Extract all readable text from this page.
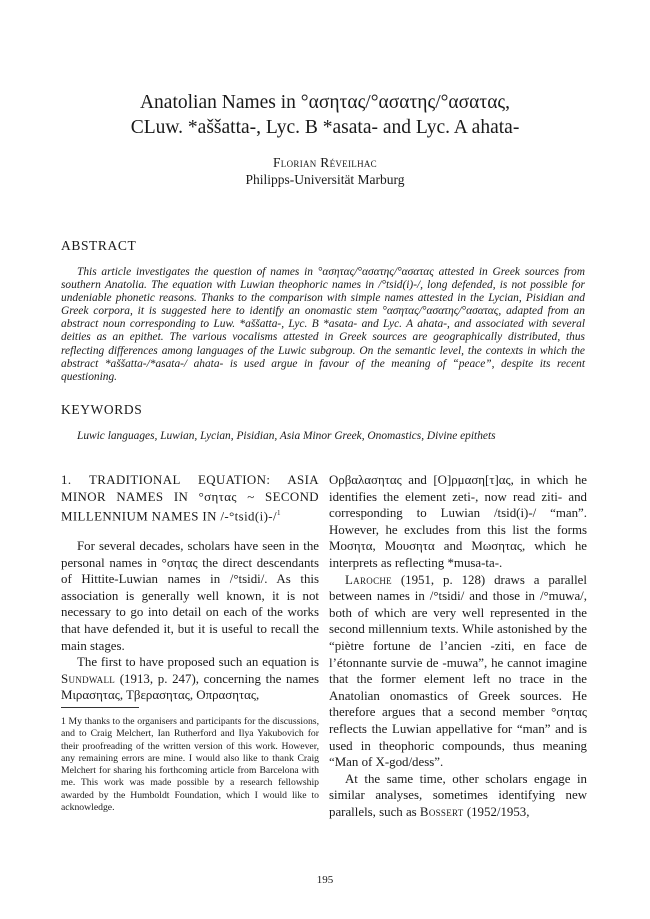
Anatolian Names in °ασητας/°ασατης/°ασατας,
CLuw. *aššatta-, Lyc. B *asata- and Lyc. A ahata-
Florian Réveilhac
Philipps-Universität Marburg
ABSTRACT

This article investigates the question of names in °ασητας/°ασατης/°ασατας attested in Greek sources from southern Anatolia. The equation with Luwian theophoric names in /°tsid(i)-/, long defended, is not possible for undeniable phonetic reasons. Thanks to the comparison with simple names attested in the Lycian, Pisidian and Greek corpora, it is suggested here to identify an onomastic stem °ασητας/°ασατης/°ασατας, adapted from an abstract noun corresponding to Luw. *aššatta-, Lyc. B *asata- and Lyc. A ahata-, and associated with several deities as an epithet. The various vocalisms attested in Greek sources are geographically distributed, thus reflecting differences among languages of the Luwic subgroup. On the semantic level, the contexts in which the abstract *aššatta-/*asata-/ ahata- is used argue in favour of the meaning of “peace”, despite its recent questioning.

KEYWORDS

Luwic languages, Luwian, Lycian, Pisidian, Asia Minor Greek, Onomastics, Divine epithets

1. TRADITIONAL EQUATION: ASIA MINOR NAMES IN °σητας ~ SECOND MILLENNIUM NAMES IN /-°tsid(i)-/$^1$

For several decades, scholars have seen in the personal names in °σητας the direct descendants of Hittite-Luwian names in /°tsidi/. As this association is generally well known, it is not necessary to go into detail on each of the works that have defended it, but it is useful to recall the main stages.

The first to have proposed such an equation is Sundwall (1913, p. 247), concerning the names Μιρασητας, Τβερασητας, Οπρασητας,

1 My thanks to the organisers and participants for the discussions, and to Craig Melchert, Ian Rutherford and Ilya Yakubovich for their proofreading of the written version of this work. However, any remaining errors are mine. I would also like to thank Craig Melchert for sharing his forthcoming article from Barcelona with me. This work was made possible by a research fellowship awarded by the Humboldt Foundation, which I would like to acknowledge.

Ορβαλασητας and [Ο]ρμαση[τ]ας, in which he identifies the element zeti-, now read ziti- and corresponding to Luwian /tsid(i)-/ “man”. However, he excludes from this list the forms Μοσητα, Μουσητα and Μωσητας, which he interprets as reflecting *musa-ta-.

Laroche (1951, p. 128) draws a parallel between names in /°tsidi/ and those in /°muwa/, both of which are very well represented in the second millennium texts. While astonished by the “piètre fortune de l’ancien -ziti, en face de l’étonnante survie de -muwa”, he cannot imagine that the former element left no trace in the Anatolian onomastics of Greek sources. He therefore argues that a second member °σητας reflects the Luwian appellative for “man” and is used in theophoric compounds, thus meaning “Man of X-god/dess”.

At the same time, other scholars engage in similar analyses, sometimes identifying new parallels, such as Bossert (1952/1953,

195
